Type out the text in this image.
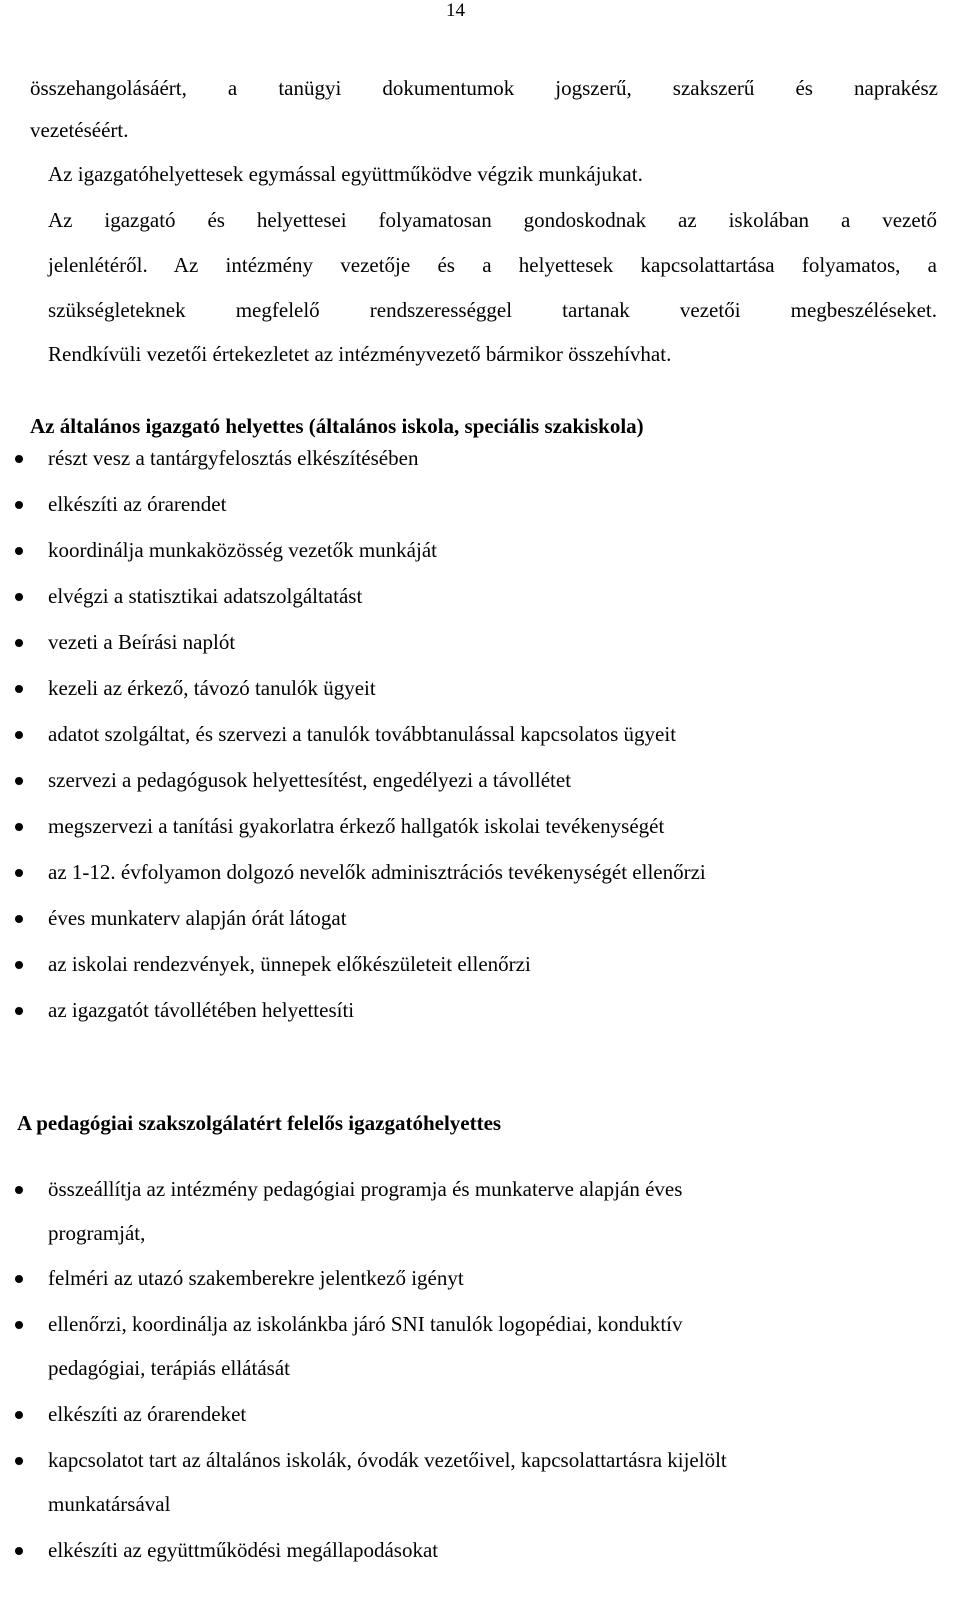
14
összehangolásáért, a tanügyi dokumentumok jogszerű, szakszerű és naprakész
vezetéséért.
Az igazgatóhelyettesek egymással együttműködve végzik munkájukat.
Az igazgató és helyettesei folyamatosan gondoskodnak az iskolában a vezető
jelenlétéről. Az intézmény vezetője és a helyettesek kapcsolattartása folyamatos, a
szükségleteknek megfelelő rendszerességgel tartanak vezetői megbeszéléseket.
Rendkívüli vezetői értekezletet az intézményvezető bármikor összehívhat.
Az általános igazgató helyettes (általános iskola, speciális szakiskola)
részt vesz a tantárgyfelosztás elkészítésében
elkészíti az órarendet
koordinálja munkaközösség vezetők munkáját
elvégzi a statisztikai adatszolgáltatást
vezeti a Beírási naplót
kezeli az érkező, távozó tanulók ügyeit
adatot szolgáltat, és szervezi a tanulók továbbtanulással kapcsolatos ügyeit
szervezi a pedagógusok helyettesítést, engedélyezi a távollétet
megszervezi a tanítási gyakorlatra érkező hallgatók iskolai tevékenységét
az 1-12. évfolyamon dolgozó nevelők adminisztrációs tevékenységét ellenőrzi
éves munkaterv alapján órát látogat
az iskolai rendezvények, ünnepek előkészületeit ellenőrzi
az igazgatót távollétében helyettesíti
A pedagógiai szakszolgálatért felelős igazgatóhelyettes
összeállítja az intézmény pedagógiai programja és munkaterve alapján éves
programját,
felméri az utazó szakemberekre jelentkező igényt
ellenőrzi, koordinálja az iskolánkba járó SNI tanulók logopédiai, konduktív
pedagógiai, terápiás ellátását
elkészíti az órarendeket
kapcsolatot tart az általános iskolák, óvodák vezetőivel, kapcsolattartásra kijelölt
munkatársával
elkészíti az együttműködési megállapodásokat
